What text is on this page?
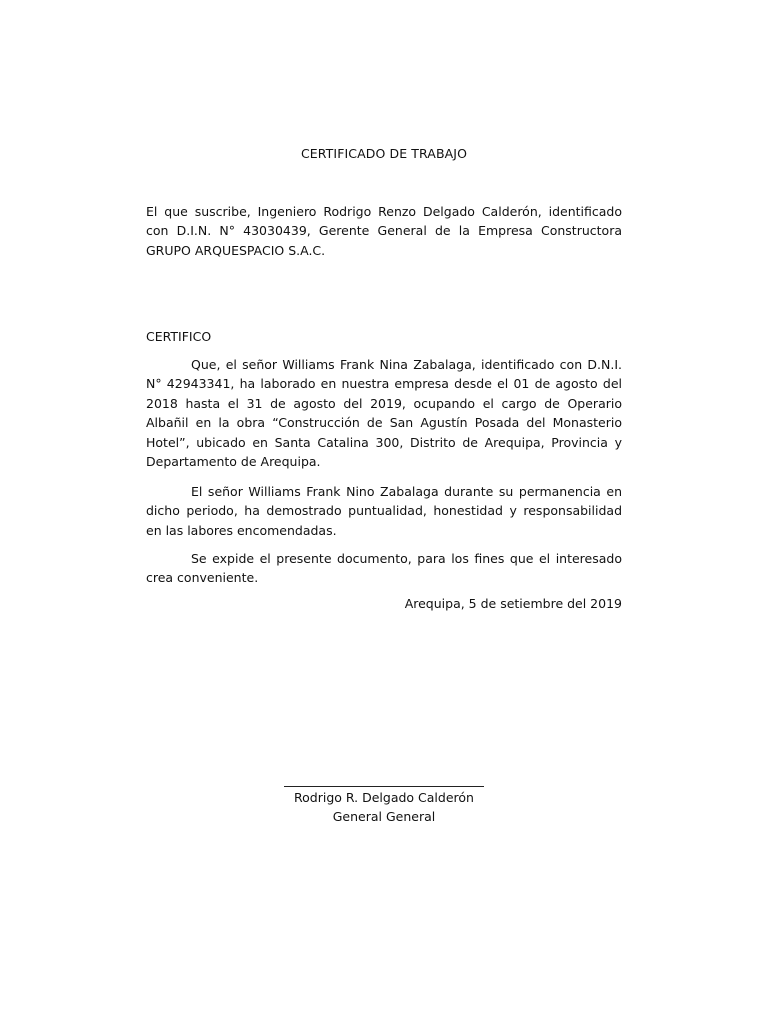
CERTIFICADO DE TRABAJO
El que suscribe, Ingeniero Rodrigo Renzo Delgado Calderón, identificado con D.I.N. N° 43030439, Gerente General de la Empresa Constructora GRUPO ARQUESPACIO S.A.C.
CERTIFICO
Que, el señor Williams Frank Nina Zabalaga, identificado con D.N.I. N° 42943341, ha laborado en nuestra empresa desde el 01 de agosto del 2018 hasta el 31 de agosto del 2019, ocupando el cargo de Operario Albañil en la obra “Construcción de San Agustín Posada del Monasterio Hotel”, ubicado en Santa Catalina 300, Distrito de Arequipa, Provincia y Departamento de Arequipa.
El señor Williams Frank Nino Zabalaga durante su permanencia en dicho periodo, ha demostrado puntualidad, honestidad y responsabilidad en las labores encomendadas.
Se expide el presente documento, para los fines que el interesado crea conveniente.
Arequipa, 5 de setiembre del 2019
Rodrigo R. Delgado Calderón
General General
